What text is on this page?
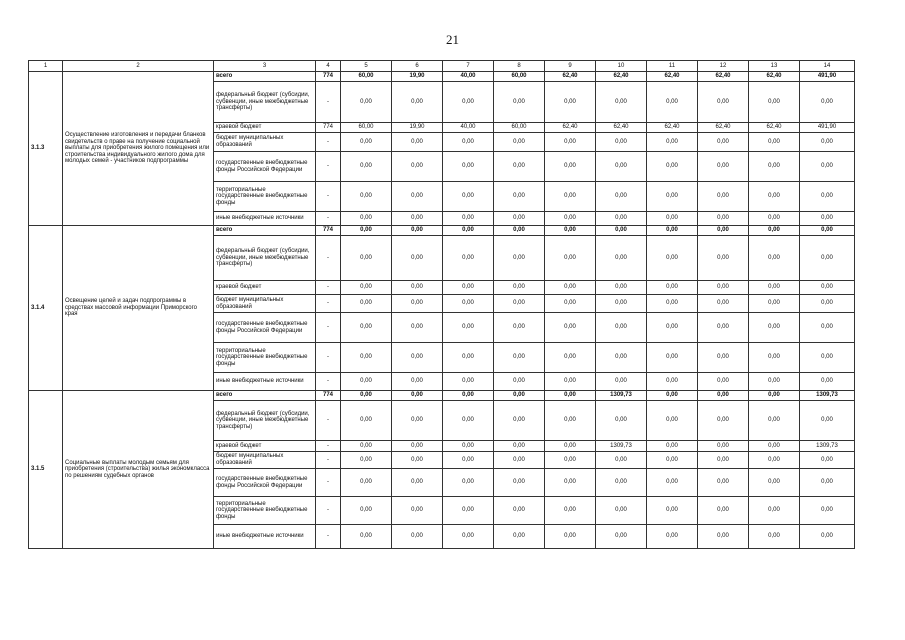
21
1	2	3	4	5	6	7	8	9	10	11	12	13	14
3.1.3	Осуществление изготовления и передачи бланков свидетельств о праве на получение социальной выплаты для приобретения жилого помещения или строительства индивидуального жилого дома для молодых семей - участников подпрограммы	всего	774	60,00	19,90	40,00	60,00	62,40	62,40	62,40	62,40	62,40	491,90
		федеральный бюджет (субсидии, субвенции, иные межбюджетные трансферты)	-	0,00	0,00	0,00	0,00	0,00	0,00	0,00	0,00	0,00	0,00
		краевой бюджет	774	60,00	19,90	40,00	60,00	62,40	62,40	62,40	62,40	62,40	491,90
		бюджет муниципальных образований	-	0,00	0,00	0,00	0,00	0,00	0,00	0,00	0,00	0,00	0,00
		государственные внебюджетные фонды Российской Федерации	-	0,00	0,00	0,00	0,00	0,00	0,00	0,00	0,00	0,00	0,00
		территориальные государственные внебюджетные фонды	-	0,00	0,00	0,00	0,00	0,00	0,00	0,00	0,00	0,00	0,00
		иные внебюджетные источники	-	0,00	0,00	0,00	0,00	0,00	0,00	0,00	0,00	0,00	0,00
3.1.4	Освещение целей и задач подпрограммы в средствах массовой информации Приморского края	всего	774	0,00	0,00	0,00	0,00	0,00	0,00	0,00	0,00	0,00	0,00
		федеральный бюджет (субсидии, субвенции, иные межбюджетные трансферты)	-	0,00	0,00	0,00	0,00	0,00	0,00	0,00	0,00	0,00	0,00
		краевой бюджет	-	0,00	0,00	0,00	0,00	0,00	0,00	0,00	0,00	0,00	0,00
		бюджет муниципальных образований	-	0,00	0,00	0,00	0,00	0,00	0,00	0,00	0,00	0,00	0,00
		государственные внебюджетные фонды Российской Федерации	-	0,00	0,00	0,00	0,00	0,00	0,00	0,00	0,00	0,00	0,00
		территориальные государственные внебюджетные фонды	-	0,00	0,00	0,00	0,00	0,00	0,00	0,00	0,00	0,00	0,00
		иные внебюджетные источники	-	0,00	0,00	0,00	0,00	0,00	0,00	0,00	0,00	0,00	0,00
3.1.5	Социальные выплаты молодым семьям для приобретения (строительства) жилья экономкласса по решениям судебных органов	всего	774	0,00	0,00	0,00	0,00	0,00	1309,73	0,00	0,00	0,00	1309,73
		федеральный бюджет (субсидии, субвенции, иные межбюджетные трансферты)	-	0,00	0,00	0,00	0,00	0,00	0,00	0,00	0,00	0,00	0,00
		краевой бюджет	-	0,00	0,00	0,00	0,00	0,00	1309,73	0,00	0,00	0,00	1309,73
		бюджет муниципальных образований	-	0,00	0,00	0,00	0,00	0,00	0,00	0,00	0,00	0,00	0,00
		государственные внебюджетные фонды Российской Федерации	-	0,00	0,00	0,00	0,00	0,00	0,00	0,00	0,00	0,00	0,00
		территориальные государственные внебюджетные фонды	-	0,00	0,00	0,00	0,00	0,00	0,00	0,00	0,00	0,00	0,00
		иные внебюджетные источники	-	0,00	0,00	0,00	0,00	0,00	0,00	0,00	0,00	0,00	0,00
